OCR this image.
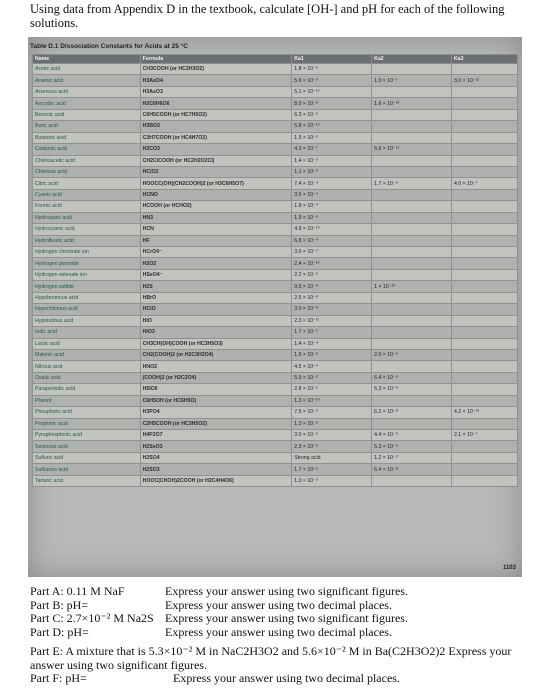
Using data from Appendix D in the textbook, calculate [OH-] and pH for each of the following solutions.
Table D.1 Dissociation Constants for Acids at 25 °C
Name	Formula	Ka1	Ka2	Ka3
Acetic acid	CH3COOH (or HC2H3O2)	1.8 × 10⁻⁵		
Arsenic acid	H3AsO4	5.6 × 10⁻³	1.0 × 10⁻⁷	3.0 × 10⁻¹²
Arsenous acid	H3AsO3	5.1 × 10⁻¹⁰		
Ascorbic acid	H2C6H6O6	8.0 × 10⁻⁵	1.6 × 10⁻¹²	
Benzoic acid	C6H5COOH (or HC7H5O2)	6.3 × 10⁻⁵		
Boric acid	H3BO3	5.8 × 10⁻¹⁰		
Butanoic acid	C3H7COOH (or HC4H7O2)	1.5 × 10⁻⁵		
Carbonic acid	H2CO3	4.3 × 10⁻⁷	5.6 × 10⁻¹¹	
Chloroacetic acid	CH2ClCOOH (or HC2H2O2Cl)	1.4 × 10⁻³		
Chlorous acid	HClO2	1.1 × 10⁻²		
Citric acid	HOOCC(OH)(CH2COOH)2 (or H3C6H5O7)	7.4 × 10⁻⁴	1.7 × 10⁻⁵	4.0 × 10⁻⁷
Cyanic acid	HCNO	3.5 × 10⁻⁴		
Formic acid	HCOOH (or HCHO2)	1.8 × 10⁻⁴		
Hydroazoic acid	HN3	1.9 × 10⁻⁵		
Hydrocyanic acid	HCN	4.9 × 10⁻¹⁰		
Hydrofluoric acid	HF	6.8 × 10⁻⁴		
Hydrogen chromate ion	HCrO4⁻	3.0 × 10⁻⁷		
Hydrogen peroxide	H2O2	2.4 × 10⁻¹²		
Hydrogen selenate ion	HSeO4⁻	2.2 × 10⁻²		
Hydrogen sulfide	H2S	9.5 × 10⁻⁸	1 × 10⁻¹⁹	
Hypobromous acid	HBrO	2.5 × 10⁻⁹		
Hypochlorous acid	HClO	3.0 × 10⁻⁸		
Hypoiodous acid	HIO	2.3 × 10⁻¹¹		
Iodic acid	HIO3	1.7 × 10⁻¹		
Lactic acid	CH3CH(OH)COOH (or HC3H5O3)	1.4 × 10⁻⁴		
Malonic acid	CH2(COOH)2 (or H2C3H2O4)	1.5 × 10⁻³	2.0 × 10⁻⁶	
Nitrous acid	HNO2	4.5 × 10⁻⁴		
Oxalic acid	(COOH)2 (or H2C2O4)	5.9 × 10⁻²	6.4 × 10⁻⁵	
Paraperiodic acid	H5IO6	2.8 × 10⁻²	5.3 × 10⁻⁹	
Phenol	C6H5OH (or HC6H5O)	1.3 × 10⁻¹⁰		
Phosphoric acid	H3PO4	7.5 × 10⁻³	6.2 × 10⁻⁸	4.2 × 10⁻¹³
Propionic acid	C2H5COOH (or HC3H5O2)	1.3 × 10⁻⁵		
Pyrophosphoric acid	H4P2O7	3.0 × 10⁻²	4.4 × 10⁻³	2.1 × 10⁻⁷
Selenous acid	H2SeO3	2.3 × 10⁻³	5.3 × 10⁻⁹	
Sulfuric acid	H2SO4	Strong acid	1.2 × 10⁻²	
Sulfurous acid	H2SO3	1.7 × 10⁻²	6.4 × 10⁻⁸	
Tartaric acid	HOOC(CHOH)2COOH (or H2C4H4O6)	1.0 × 10⁻³		
1103
Part A: 0.11 M NaF	Express your answer using two significant figures.
Part B: pH=	Express your answer using two decimal places.
Part C: 2.7×10⁻² M Na2S Express your answer using two significant figures.
Part D: pH=	Express your answer using two decimal places.
Part E: A mixture that is 5.3×10⁻² M in NaC2H3O2 and 5.6×10⁻² M in Ba(C2H3O2)2 Express your answer using two significant figures.
Part F: pH=	Express your answer using two decimal places.
